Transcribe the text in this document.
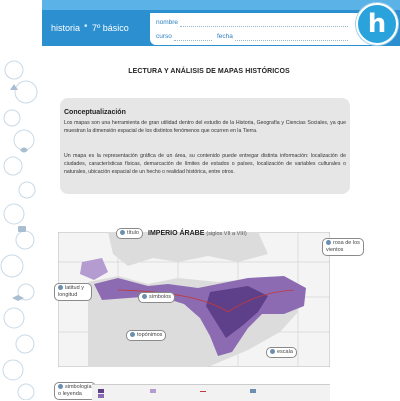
historia • 7º básico
nombre
curso	fecha	h
LECTURA Y ANÁLISIS DE MAPAS HISTÓRICOS
Conceptualización

Los mapas son una herramienta de gran utilidad dentro del estudio de la Historia, Geografía y Ciencias Sociales, ya que muestran la dimensión espacial de los distintos fenómenos que ocurren en la Tierra.

Un mapa es la representación gráfica de un área, su contenido puede entregar distinta información: localización de ciudades, características físicas, demarcación de límites de estados o países, localización de variables culturales o naturales, ubicación espacial de un hecho o realidad histórica, entre otros.

IMPERIO ÁRABE (siglos VII a VIII)
título
rosa de los vientos
latitud y longitud	símbolos
topónimos
escala
simbología o leyenda
